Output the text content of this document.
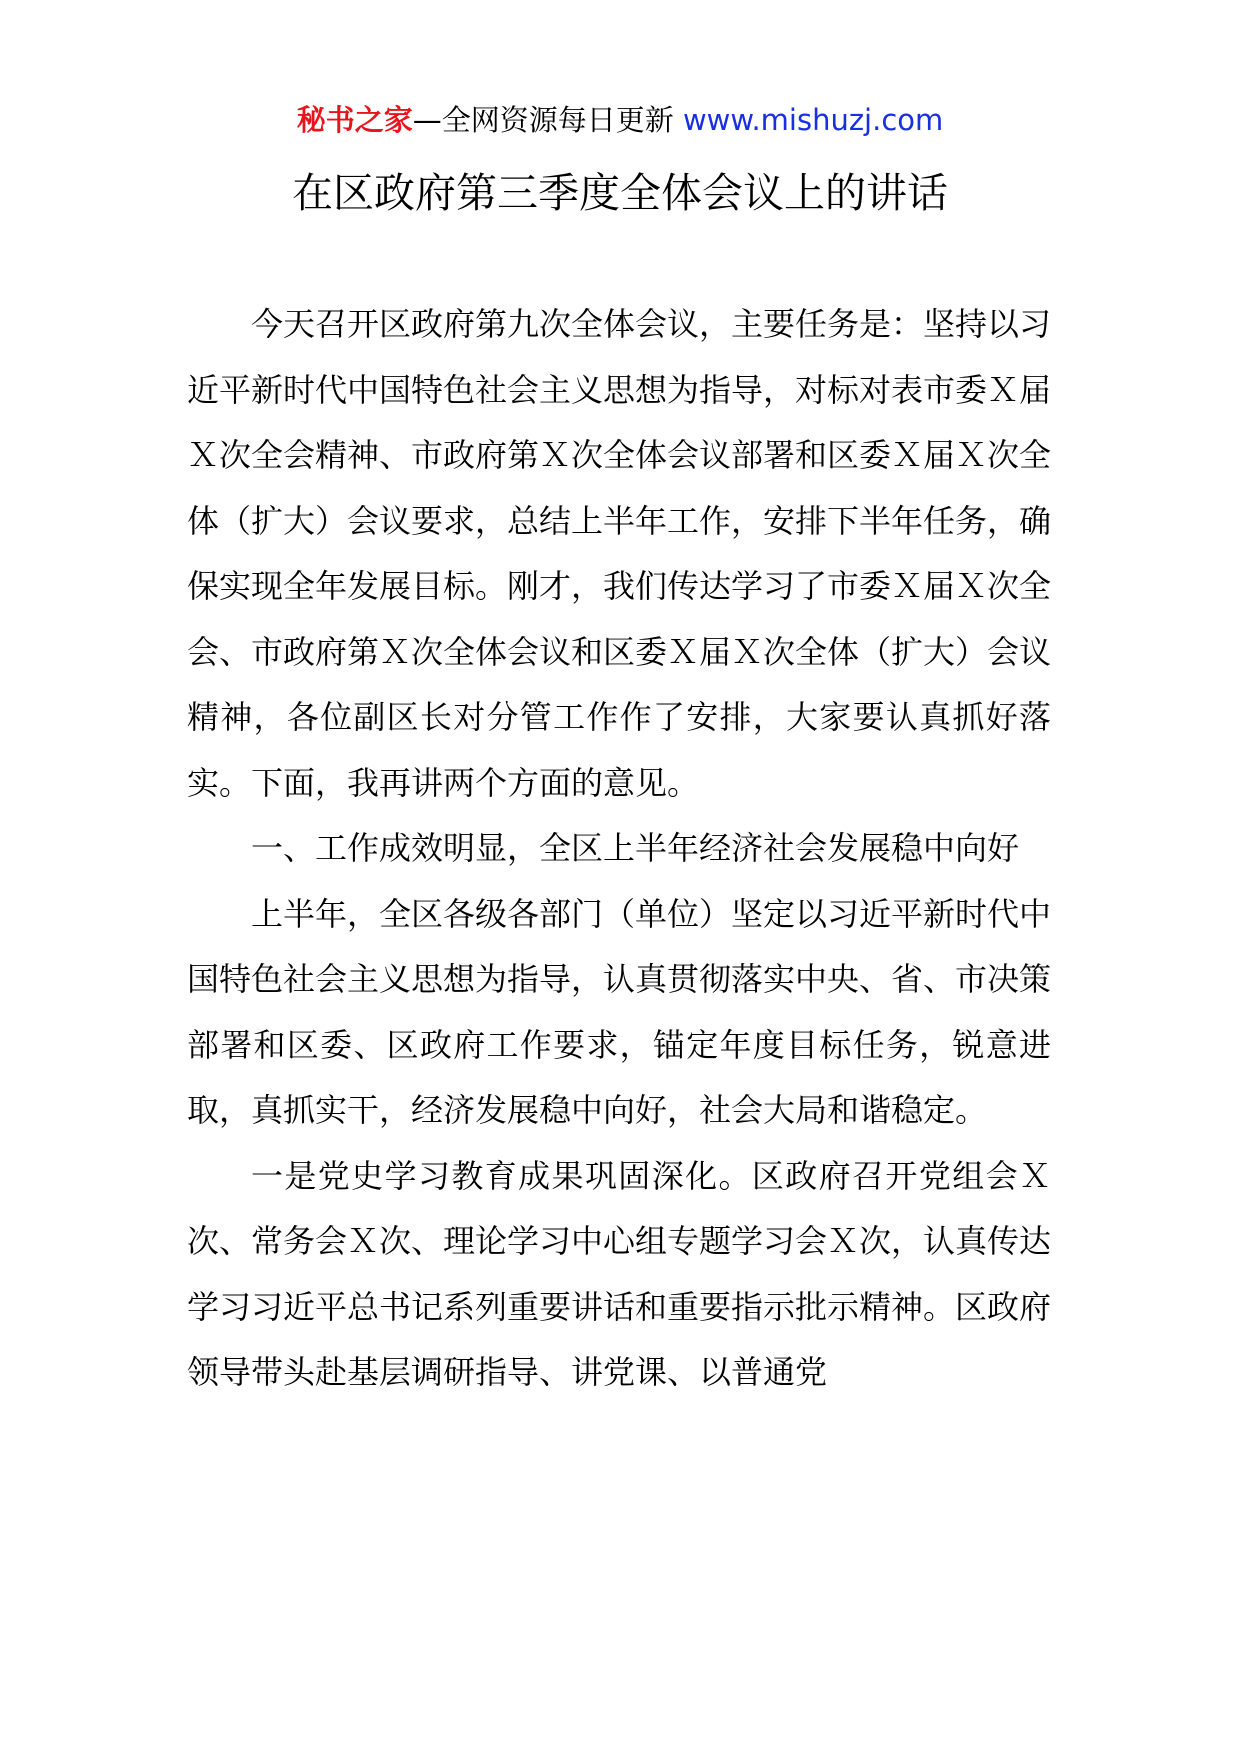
秘书之家—全网资源每日更新 www.mishuzj.com
在区政府第三季度全体会议上的讲话

今天召开区政府第九次全体会议，主要任务是：坚持以习近平新时代中国特色社会主义思想为指导，对标对表市委Ｘ届Ｘ次全会精神、市政府第Ｘ次全体会议部署和区委Ｘ届Ｘ次全体（扩大）会议要求，总结上半年工作，安排下半年任务，确保实现全年发展目标。刚才，我们传达学习了市委Ｘ届Ｘ次全会、市政府第Ｘ次全体会议和区委Ｘ届Ｘ次全体（扩大）会议精神，各位副区长对分管工作作了安排，大家要认真抓好落实。下面，我再讲两个方面的意见。

一、工作成效明显，全区上半年经济社会发展稳中向好

上半年，全区各级各部门（单位）坚定以习近平新时代中国特色社会主义思想为指导，认真贯彻落实中央、省、市决策部署和区委、区政府工作要求，锚定年度目标任务，锐意进取，真抓实干，经济发展稳中向好，社会大局和谐稳定。

一是党史学习教育成果巩固深化。区政府召开党组会Ｘ次、常务会Ｘ次、理论学习中心组专题学习会Ｘ次，认真传达学习习近平总书记系列重要讲话和重要指示批示精神。区政府领导带头赴基层调研指导、讲党课、以普通党
